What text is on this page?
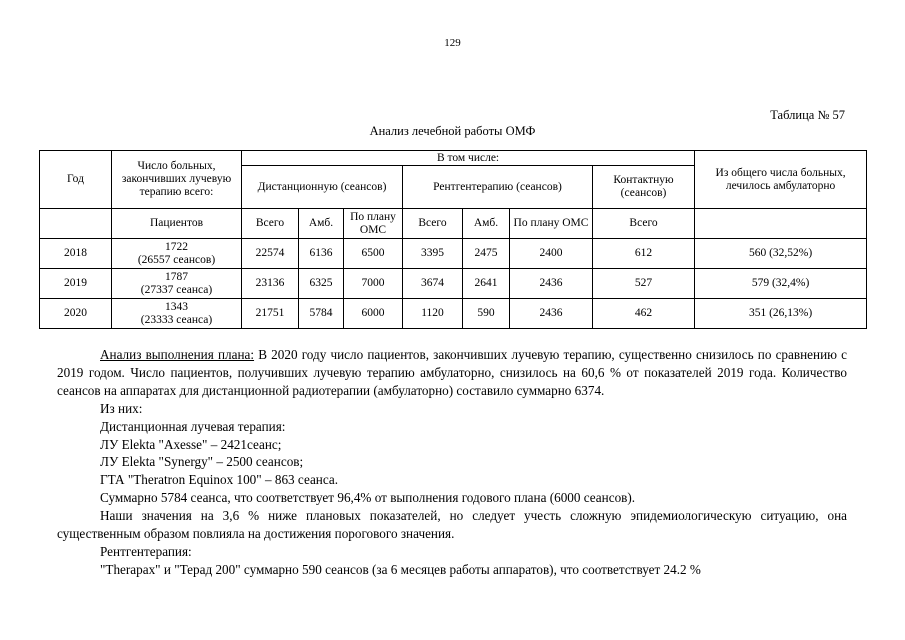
129
Таблица № 57
Анализ лечебной работы ОМФ
Год	Число больных, закончивших лучевую терапию всего:	В том числе:							Из общего числа больных, лечилось амбулаторно
		Дистанционную (сеансов)			Рентгентерапию (сеансов)			Контактную (сеансов)	
	Пациентов	Всего	Амб.	По плану ОМС	Всего	Амб.	По плану ОМС	Всего	
2018	1722
(26557 сеансов)	22574	6136	6500	3395	2475	2400	612	560 (32,52%)
2019	1787
(27337 сеанса)	23136	6325	7000	3674	2641	2436	527	579 (32,4%)
2020	1343
(23333 сеанса)	21751	5784	6000	1120	590	2436	462	351 (26,13%)

Анализ выполнения плана: В 2020 году число пациентов, закончивших лучевую терапию, существенно снизилось по сравнению с 2019 годом. Число пациентов, получивших лучевую терапию амбулаторно, снизилось на 60,6 % от показателей 2019 года. Количество сеансов на аппаратах для дистанционной радиотерапии (амбулаторно) составило суммарно 6374.

Из них:

Дистанционная лучевая терапия:

ЛУ Elekta "Axesse" – 2421сеанс;

ЛУ Elekta "Synergy" – 2500 сеансов;

ГТА "Theratron Equinox 100" – 863 сеанса.

Суммарно 5784 сеанса, что соответствует 96,4% от выполнения годового плана (6000 сеансов).

Наши значения на 3,6 % ниже плановых показателей, но следует учесть сложную эпидемиологическую ситуацию, она существенным образом повлияла на достижения порогового значения.

Рентгентерапия:

"Therapax" и "Терад 200" суммарно 590 сеансов (за 6 месяцев работы аппаратов), что соответствует 24.2 %
